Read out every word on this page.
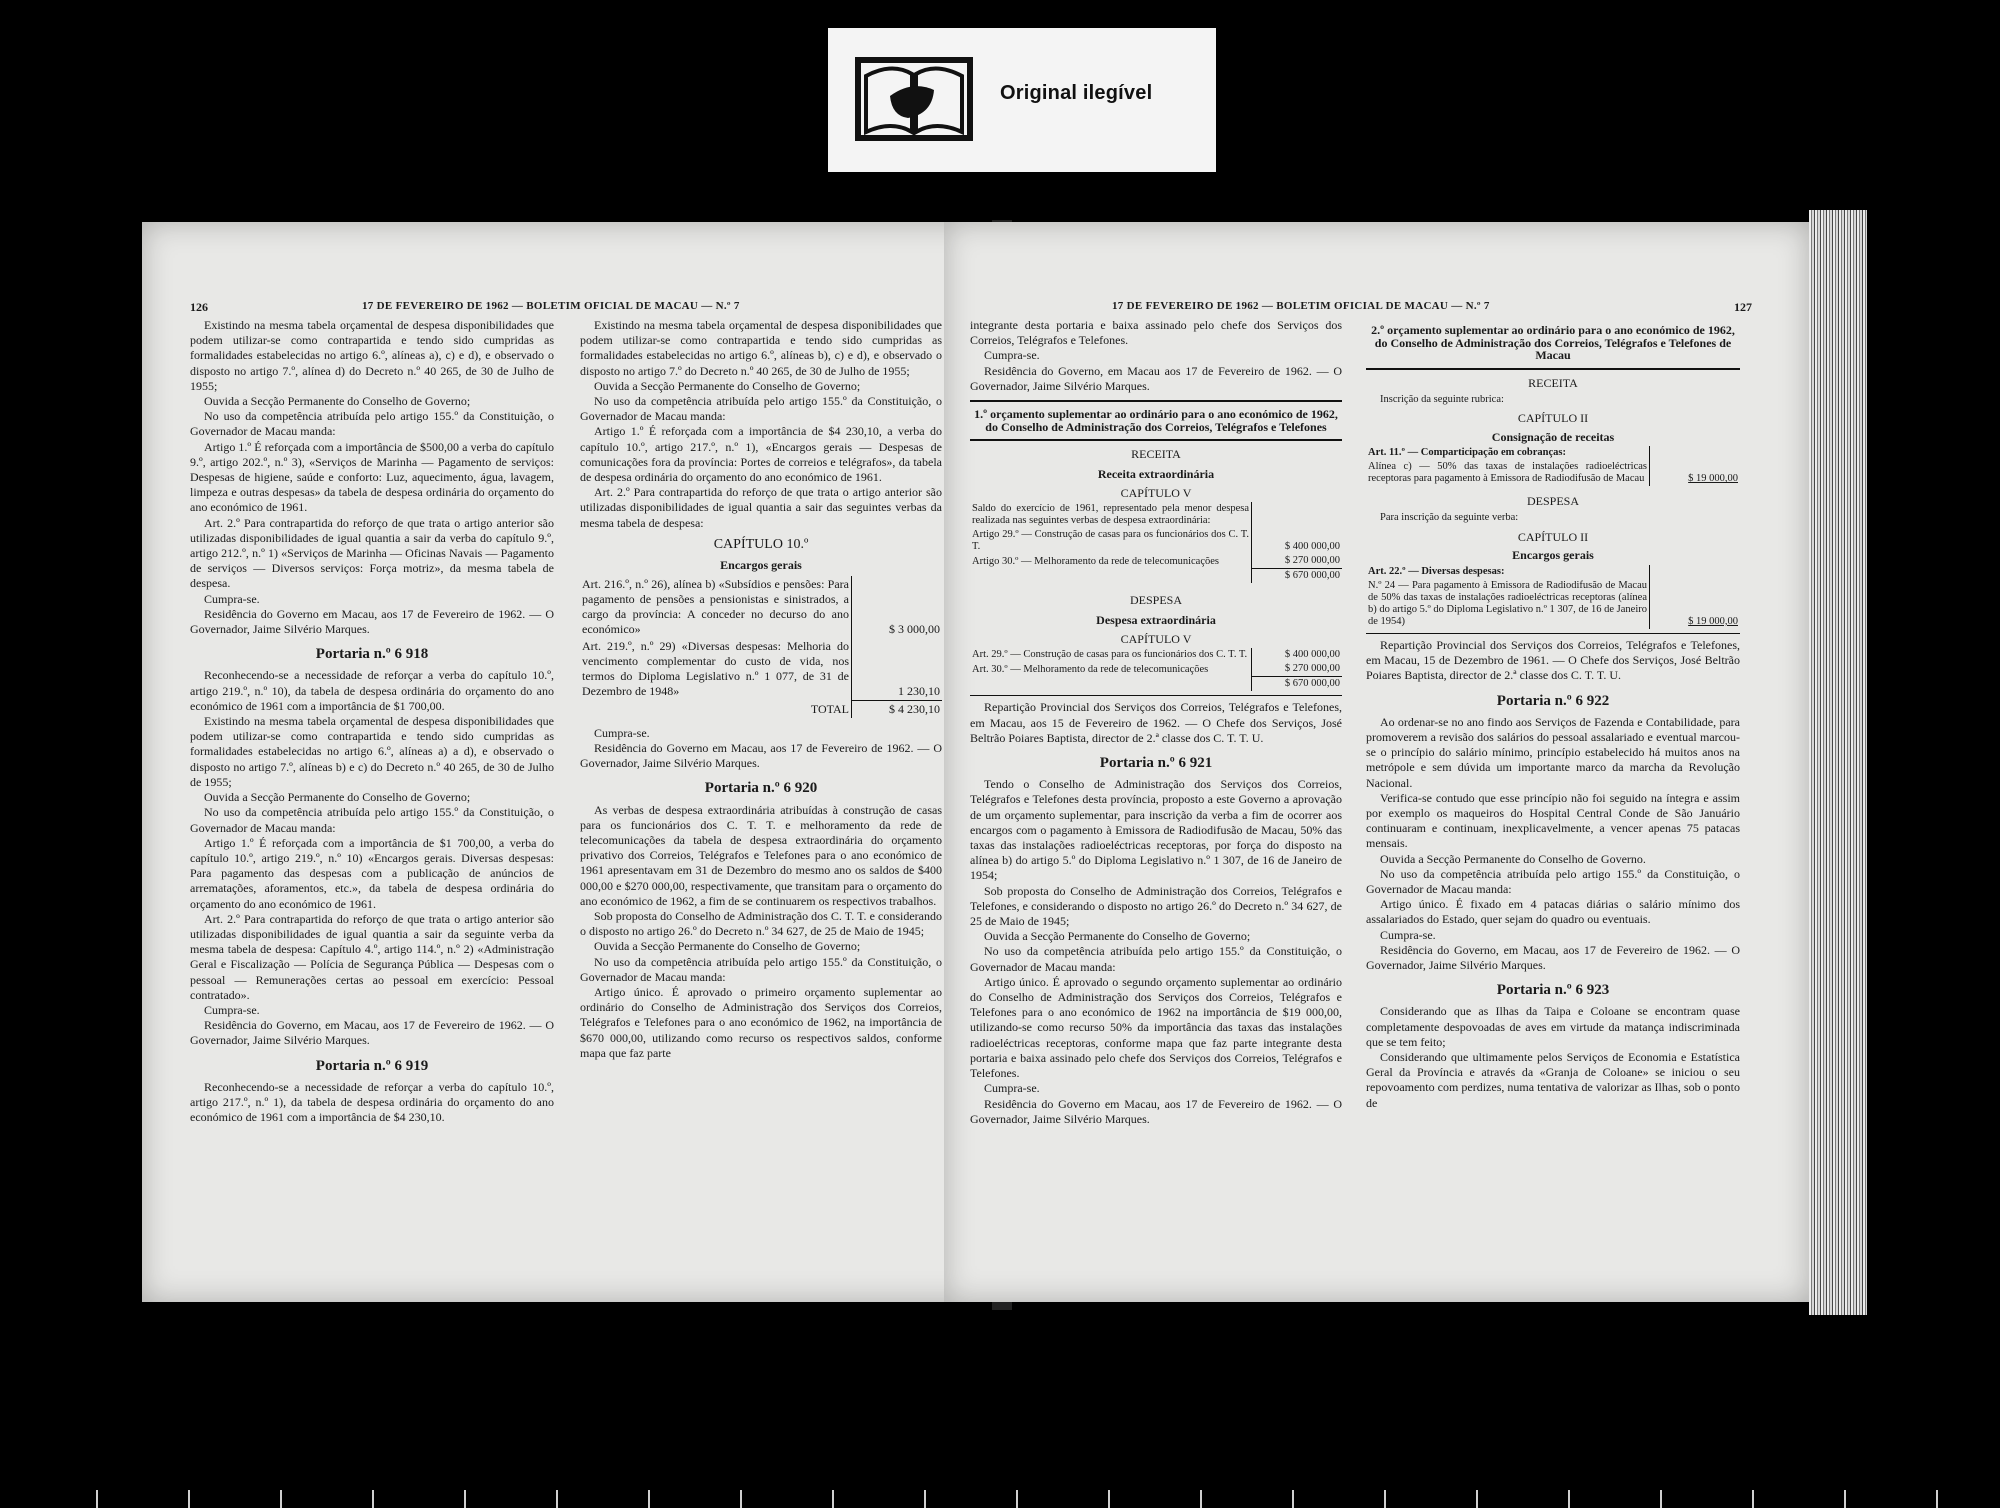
Original ilegível
126	17 DE FEVEREIRO DE 1962 — BOLETIM OFICIAL DE MACAU — N.º 7

Existindo na mesma tabela orçamental de despesa disponibilidades que podem utilizar-se como contrapartida e tendo sido cumpridas as formalidades estabelecidas no artigo 6.º, alíneas a), c) e d), e observado o disposto no artigo 7.º, alínea d) do Decreto n.º 40 265, de 30 de Julho de 1955;

Ouvida a Secção Permanente do Conselho de Governo;

No uso da competência atribuída pelo artigo 155.º da Constituição, o Governador de Macau manda:

Artigo 1.º É reforçada com a importância de $500,00 a verba do capítulo 9.º, artigo 202.º, n.º 3), «Serviços de Marinha — Pagamento de serviços: Despesas de higiene, saúde e conforto: Luz, aquecimento, água, lavagem, limpeza e outras despesas» da tabela de despesa ordinária do orçamento do ano económico de 1961.

Art. 2.º Para contrapartida do reforço de que trata o artigo anterior são utilizadas disponibilidades de igual quantia a sair da verba do capítulo 9.º, artigo 212.º, n.º 1) «Serviços de Marinha — Oficinas Navais — Pagamento de serviços — Diversos serviços: Força motriz», da mesma tabela de despesa.

Cumpra-se.

Residência do Governo em Macau, aos 17 de Fevereiro de 1962. — O Governador, Jaime Silvério Marques.

Portaria n.º 6 918

Reconhecendo-se a necessidade de reforçar a verba do capítulo 10.º, artigo 219.º, n.º 10), da tabela de despesa ordinária do orçamento do ano económico de 1961 com a importância de $1 700,00.

Existindo na mesma tabela orçamental de despesa disponibilidades que podem utilizar-se como contrapartida e tendo sido cumpridas as formalidades estabelecidas no artigo 6.º, alíneas a) a d), e observado o disposto no artigo 7.º, alíneas b) e c) do Decreto n.º 40 265, de 30 de Julho de 1955;

Ouvida a Secção Permanente do Conselho de Governo;

No uso da competência atribuída pelo artigo 155.º da Constituição, o Governador de Macau manda:

Artigo 1.º É reforçada com a importância de $1 700,00, a verba do capítulo 10.º, artigo 219.º, n.º 10) «Encargos gerais. Diversas despesas: Para pagamento das despesas com a publicação de anúncios de arrematações, aforamentos, etc.», da tabela de despesa ordinária do orçamento do ano económico de 1961.

Art. 2.º Para contrapartida do reforço de que trata o artigo anterior são utilizadas disponibilidades de igual quantia a sair da seguinte verba da mesma tabela de despesa: Capítulo 4.º, artigo 114.º, n.º 2) «Administração Geral e Fiscalização — Polícia de Segurança Pública — Despesas com o pessoal — Remunerações certas ao pessoal em exercício: Pessoal contratado».

Cumpra-se.

Residência do Governo, em Macau, aos 17 de Fevereiro de 1962. — O Governador, Jaime Silvério Marques.

Portaria n.º 6 919

Reconhecendo-se a necessidade de reforçar a verba do capítulo 10.º, artigo 217.º, n.º 1), da tabela de despesa ordinária do orçamento do ano económico de 1961 com a importância de $4 230,10.

Existindo na mesma tabela orçamental de despesa disponibilidades que podem utilizar-se como contrapartida e tendo sido cumpridas as formalidades estabelecidas no artigo 6.º, alíneas b), c) e d), e observado o disposto no artigo 7.º do Decreto n.º 40 265, de 30 de Julho de 1955;

Ouvida a Secção Permanente do Conselho de Governo;

No uso da competência atribuída pelo artigo 155.º da Constituição, o Governador de Macau manda:

Artigo 1.º É reforçada com a importância de $4 230,10, a verba do capítulo 10.º, artigo 217.º, n.º 1), «Encargos gerais — Despesas de comunicações fora da província: Portes de correios e telégrafos», da tabela de despesa ordinária do orçamento do ano económico de 1961.

Art. 2.º Para contrapartida do reforço de que trata o artigo anterior são utilizadas disponibilidades de igual quantia a sair das seguintes verbas da mesma tabela de despesa:

CAPÍTULO 10.º
Encargos gerais
Art. 216.º, n.º 26), alínea b) «Subsídios e pensões: Para pagamento de pensões a pensionistas e sinistrados, a cargo da província: A conceder no decurso do ano económico»	$ 3 000,00
Art. 219.º, n.º 29) «Diversas despesas: Melhoria do vencimento complementar do custo de vida, nos termos do Diploma Legislativo n.º 1 077, de 31 de Dezembro de 1948»	1 230,10
TOTAL	$ 4 230,10

Cumpra-se.

Residência do Governo em Macau, aos 17 de Fevereiro de 1962. — O Governador, Jaime Silvério Marques.

Portaria n.º 6 920

As verbas de despesa extraordinária atribuídas à construção de casas para os funcionários dos C. T. T. e melhoramento da rede de telecomunicações da tabela de despesa extraordinária do orçamento privativo dos Correios, Telégrafos e Telefones para o ano económico de 1961 apresentavam em 31 de Dezembro do mesmo ano os saldos de $400 000,00 e $270 000,00, respectivamente, que transitam para o orçamento do ano económico de 1962, a fim de se continuarem os respectivos trabalhos.

Sob proposta do Conselho de Administração dos C. T. T. e considerando o disposto no artigo 26.º do Decreto n.º 34 627, de 25 de Maio de 1945;

Ouvida a Secção Permanente do Conselho de Governo;

No uso da competência atribuída pelo artigo 155.º da Constituição, o Governador de Macau manda:

Artigo único. É aprovado o primeiro orçamento suplementar ao ordinário do Conselho de Administração dos Serviços dos Correios, Telégrafos e Telefones para o ano económico de 1962, na importância de $670 000,00, utilizando como recurso os respectivos saldos, conforme mapa que faz parte

17 DE FEVEREIRO DE 1962 — BOLETIM OFICIAL DE MACAU — N.º 7	127

integrante desta portaria e baixa assinado pelo chefe dos Serviços dos Correios, Telégrafos e Telefones.

Cumpra-se.

Residência do Governo, em Macau aos 17 de Fevereiro de 1962. — O Governador, Jaime Silvério Marques.

1.º orçamento suplementar ao ordinário para o ano económico de 1962, do Conselho de Administração dos Correios, Telégrafos e Telefones
RECEITA
Receita extraordinária
CAPÍTULO V
Saldo do exercício de 1961, representado pela menor despesa realizada nas seguintes verbas de despesa extraordinária:	
Artigo 29.º — Construção de casas para os funcionários dos C. T. T.	$ 400 000,00
Artigo 30.º — Melhoramento da rede de telecomunicações	$ 270 000,00
	$ 670 000,00
DESPESA
Despesa extraordinária
CAPÍTULO V
Art. 29.º — Construção de casas para os funcionários dos C. T. T.	$ 400 000,00
Art. 30.º — Melhoramento da rede de telecomunicações	$ 270 000,00
	$ 670 000,00

Repartição Provincial dos Serviços dos Correios, Telégrafos e Telefones, em Macau, aos 15 de Fevereiro de 1962. — O Chefe dos Serviços, José Beltrão Poiares Baptista, director de 2.ª classe dos C. T. T. U.

Portaria n.º 6 921

Tendo o Conselho de Administração dos Serviços dos Correios, Telégrafos e Telefones desta província, proposto a este Governo a aprovação de um orçamento suplementar, para inscrição da verba a fim de ocorrer aos encargos com o pagamento à Emissora de Radiodifusão de Macau, 50% das taxas das instalações radioeléctricas receptoras, por força do disposto na alínea b) do artigo 5.º do Diploma Legislativo n.º 1 307, de 16 de Janeiro de 1954;

Sob proposta do Conselho de Administração dos Correios, Telégrafos e Telefones, e considerando o disposto no artigo 26.º do Decreto n.º 34 627, de 25 de Maio de 1945;

Ouvida a Secção Permanente do Conselho de Governo;

No uso da competência atribuída pelo artigo 155.º da Constituição, o Governador de Macau manda:

Artigo único. É aprovado o segundo orçamento suplementar ao ordinário do Conselho de Administração dos Serviços dos Correios, Telégrafos e Telefones para o ano económico de 1962 na importância de $19 000,00, utilizando-se como recurso 50% da importância das taxas das instalações radioeléctricas receptoras, conforme mapa que faz parte integrante desta portaria e baixa assinado pelo chefe dos Serviços dos Correios, Telégrafos e Telefones.

Cumpra-se.

Residência do Governo em Macau, aos 17 de Fevereiro de 1962. — O Governador, Jaime Silvério Marques.

2.º orçamento suplementar ao ordinário para o ano económico de 1962, do Conselho de Administração dos Correios, Telégrafos e Telefones de Macau
RECEITA

Inscrição da seguinte rubrica:

CAPÍTULO II
Consignação de receitas
Art. 11.º — Comparticipação em cobranças:	
Alínea c) — 50% das taxas de instalações radioeléctricas receptoras para pagamento à Emissora de Radiodifusão de Macau	$ 19 000,00
DESPESA

Para inscrição da seguinte verba:

CAPÍTULO II
Encargos gerais
Art. 22.º — Diversas despesas:	
N.º 24 — Para pagamento à Emissora de Radiodifusão de Macau de 50% das taxas de instalações radioeléctricas receptoras (alínea b) do artigo 5.º do Diploma Legislativo n.º 1 307, de 16 de Janeiro de 1954)	$ 19 000,00

Repartição Provincial dos Serviços dos Correios, Telégrafos e Telefones, em Macau, 15 de Dezembro de 1961. — O Chefe dos Serviços, José Beltrão Poiares Baptista, director de 2.ª classe dos C. T. T. U.

Portaria n.º 6 922

Ao ordenar-se no ano findo aos Serviços de Fazenda e Contabilidade, para promoverem a revisão dos salários do pessoal assalariado e eventual marcou-se o princípio do salário mínimo, princípio estabelecido há muitos anos na metrópole e sem dúvida um importante marco da marcha da Revolução Nacional.

Verifica-se contudo que esse princípio não foi seguido na íntegra e assim por exemplo os maqueiros do Hospital Central Conde de São Januário continuaram e continuam, inexplicavelmente, a vencer apenas 75 patacas mensais.

Ouvida a Secção Permanente do Conselho de Governo.

No uso da competência atribuída pelo artigo 155.º da Constituição, o Governador de Macau manda:

Artigo único. É fixado em 4 patacas diárias o salário mínimo dos assalariados do Estado, quer sejam do quadro ou eventuais.

Cumpra-se.

Residência do Governo, em Macau, aos 17 de Fevereiro de 1962. — O Governador, Jaime Silvério Marques.

Portaria n.º 6 923

Considerando que as Ilhas da Taipa e Coloane se encontram quase completamente despovoadas de aves em virtude da matança indiscriminada que se tem feito;

Considerando que ultimamente pelos Serviços de Economia e Estatística Geral da Província e através da «Granja de Coloane» se iniciou o seu repovoamento com perdizes, numa tentativa de valorizar as Ilhas, sob o ponto de
